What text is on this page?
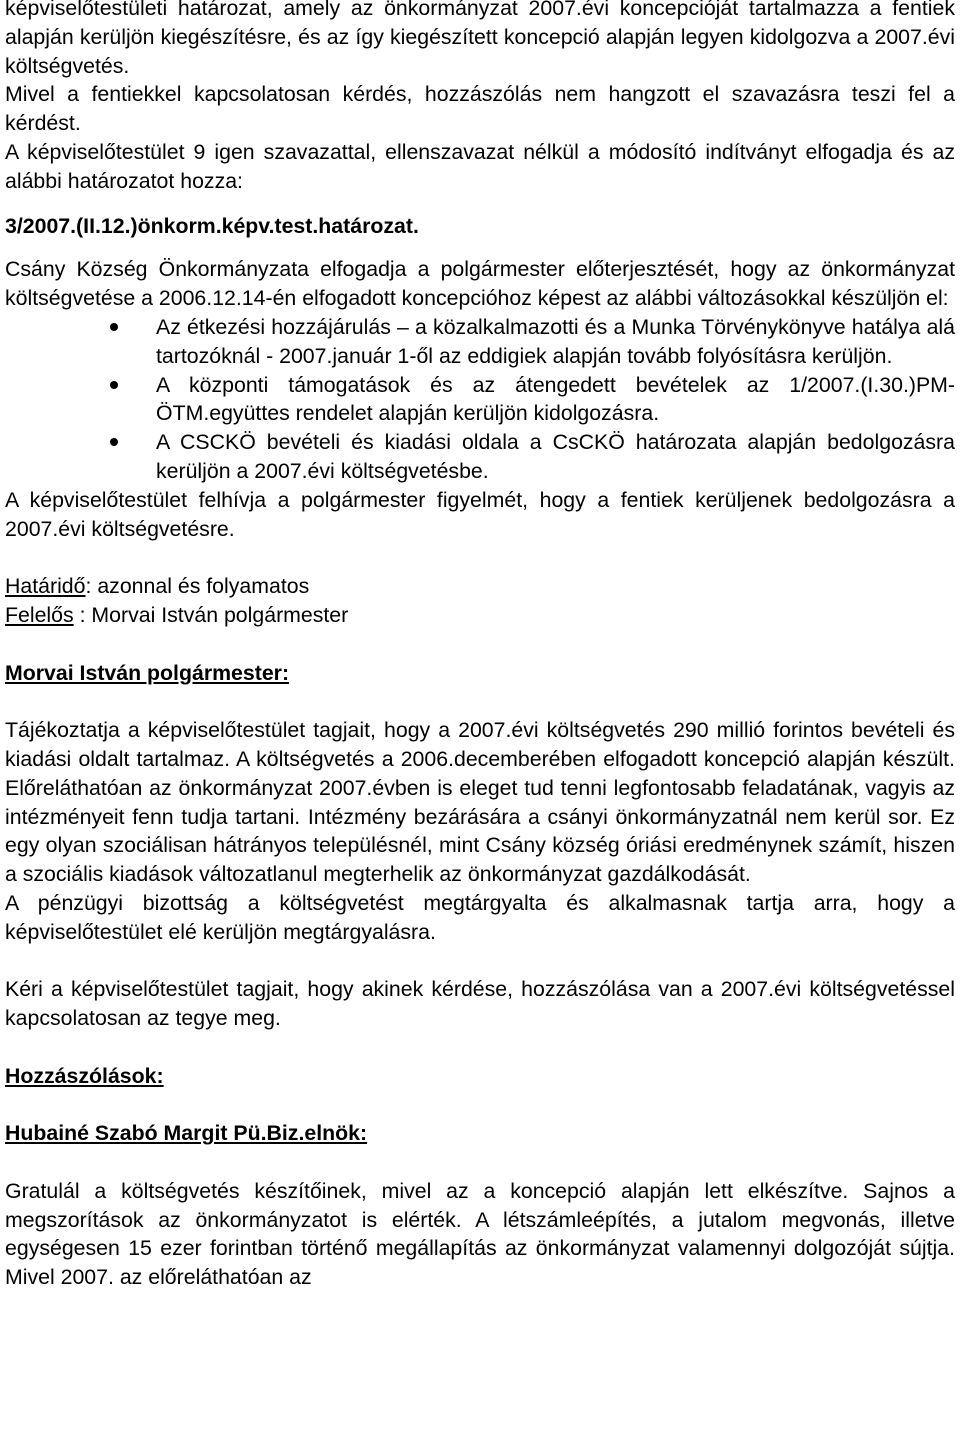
képviselőtestületi határozat, amely az önkormányzat 2007.évi koncepcióját tartalmazza a fentiek alapján kerüljön kiegészítésre, és az így kiegészített koncepció alapján legyen kidolgozva a 2007.évi költségvetés.

Mivel a fentiekkel kapcsolatosan kérdés, hozzászólás nem hangzott el szavazásra teszi fel a kérdést.

A képviselőtestület 9 igen szavazattal, ellenszavazat nélkül a módosító indítványt elfogadja és az alábbi határozatot hozza:

3/2007.(II.12.)önkorm.képv.test.határozat.

Csány Község Önkormányzata elfogadja a polgármester előterjesztését, hogy az önkormányzat költségvetése a 2006.12.14-én elfogadott koncepcióhoz képest az alábbi változásokkal készüljön el:

Az étkezési hozzájárulás – a közalkalmazotti és a Munka Törvénykönyve hatálya alá tartozóknál - 2007.január 1-ől az eddigiek alapján tovább folyósításra kerüljön.
A központi támogatások és az átengedett bevételek az 1/2007.(I.30.)PM-ÖTM.együttes rendelet alapján kerüljön kidolgozásra.
A CSCKÖ bevételi és kiadási oldala a CsCKÖ határozata alapján bedolgozásra kerüljön a 2007.évi költségvetésbe.

A képviselőtestület felhívja a polgármester figyelmét, hogy a fentiek kerüljenek bedolgozásra a 2007.évi költségvetésre.

Határidő: azonnal és folyamatos

Felelős : Morvai István polgármester

Morvai István polgármester:

Tájékoztatja a képviselőtestület tagjait, hogy a 2007.évi költségvetés 290 millió forintos bevételi és kiadási oldalt tartalmaz. A költségvetés a 2006.decemberében elfogadott koncepció alapján készült. Előreláthatóan az önkormányzat 2007.évben is eleget tud tenni legfontosabb feladatának, vagyis az intézményeit fenn tudja tartani. Intézmény bezárására a csányi önkormányzatnál nem kerül sor. Ez egy olyan szociálisan hátrányos településnél, mint Csány község óriási eredménynek számít, hiszen a szociális kiadások változatlanul megterhelik az önkormányzat gazdálkodását.

A pénzügyi bizottság a költségvetést megtárgyalta és alkalmasnak tartja arra, hogy a képviselőtestület elé kerüljön megtárgyalásra.

Kéri a képviselőtestület tagjait, hogy akinek kérdése, hozzászólása van a 2007.évi költségvetéssel kapcsolatosan az tegye meg.

Hozzászólások:

Hubainé Szabó Margit Pü.Biz.elnök:

Gratulál a költségvetés készítőinek, mivel az a koncepció alapján lett elkészítve. Sajnos a megszorítások az önkormányzatot is elérték. A létszámleépítés, a jutalom megvonás, illetve egységesen 15 ezer forintban történő megállapítás az önkormányzat valamennyi dolgozóját sújtja. Mivel 2007. az előreláthatóan az
